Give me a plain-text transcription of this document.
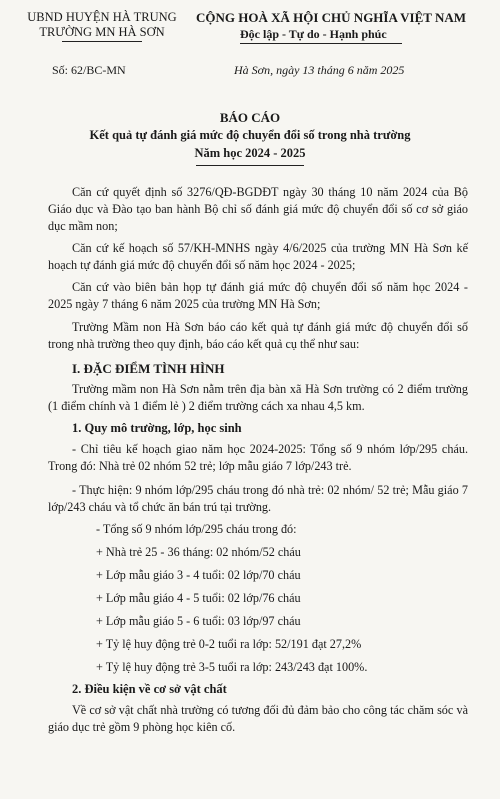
UBND HUYỆN HÀ TRUNG
TRƯỜNG MN HÀ SƠN
CỘNG HOÀ XÃ HỘI CHỦ NGHĨA VIỆT NAM
Độc lập - Tự do - Hạnh phúc
Số: 62/BC-MN	Hà Sơn, ngày 13 tháng 6 năm 2025
BÁO CÁO
Kết quả tự đánh giá mức độ chuyển đổi số trong nhà trường
Năm học 2024 - 2025
Căn cứ quyết định số 3276/QĐ-BGDĐT ngày 30 tháng 10 năm 2024 của Bộ Giáo dục và Đào tạo ban hành Bộ chỉ số đánh giá mức độ chuyển đổi số cơ sở giáo dục mầm non;
Căn cứ kế hoạch số 57/KH-MNHS ngày 4/6/2025 của trường MN Hà Sơn kế hoạch tự đánh giá mức độ chuyển đổi số năm học 2024 - 2025;
Căn cứ vào biên bản họp tự đánh giá mức độ chuyển đổi số năm học 2024 - 2025 ngày 7 tháng 6 năm 2025 của trường MN Hà Sơn;
Trường Mầm non Hà Sơn báo cáo kết quả tự đánh giá mức độ chuyển đổi số trong nhà trường theo quy định, báo cáo kết quả cụ thể như sau:
I. ĐẶC ĐIỂM TÌNH HÌNH
Trường mầm non Hà Sơn nằm trên địa bàn xã Hà Sơn trường có 2 điểm trường (1 điểm chính và 1 điểm lẻ ) 2 điểm trường cách xa nhau 4,5 km.
1. Quy mô trường, lớp, học sinh
- Chỉ tiêu kế hoạch giao năm học 2024-2025: Tổng số 9 nhóm lớp/295 cháu. Trong đó: Nhà trẻ 02 nhóm 52 trẻ; lớp mẫu giáo 7 lớp/243 trẻ.
- Thực hiện: 9 nhóm lớp/295 cháu trong đó nhà trẻ: 02 nhóm/ 52 trẻ; Mẫu giáo 7 lớp/243 cháu và tổ chức ăn bán trú tại trường.
- Tổng số 9 nhóm lớp/295 cháu trong đó:
+ Nhà trẻ 25 - 36 tháng: 02 nhóm/52 cháu
+ Lớp mẫu giáo 3 - 4 tuổi: 02 lớp/70 cháu
+ Lớp mẫu giáo 4 - 5 tuổi: 02 lớp/76 cháu
+ Lớp mẫu giáo 5 - 6 tuổi: 03 lớp/97 cháu
+ Tỷ lệ huy động trẻ 0-2 tuổi ra lớp: 52/191 đạt 27,2%
+ Tỷ lệ huy động trẻ 3-5 tuổi ra lớp: 243/243 đạt 100%.
2. Điều kiện về cơ sở vật chất
Về cơ sở vật chất nhà trường có tương đối đủ đảm bảo cho công tác chăm sóc và giáo dục trẻ gồm 9 phòng học kiên cố.
